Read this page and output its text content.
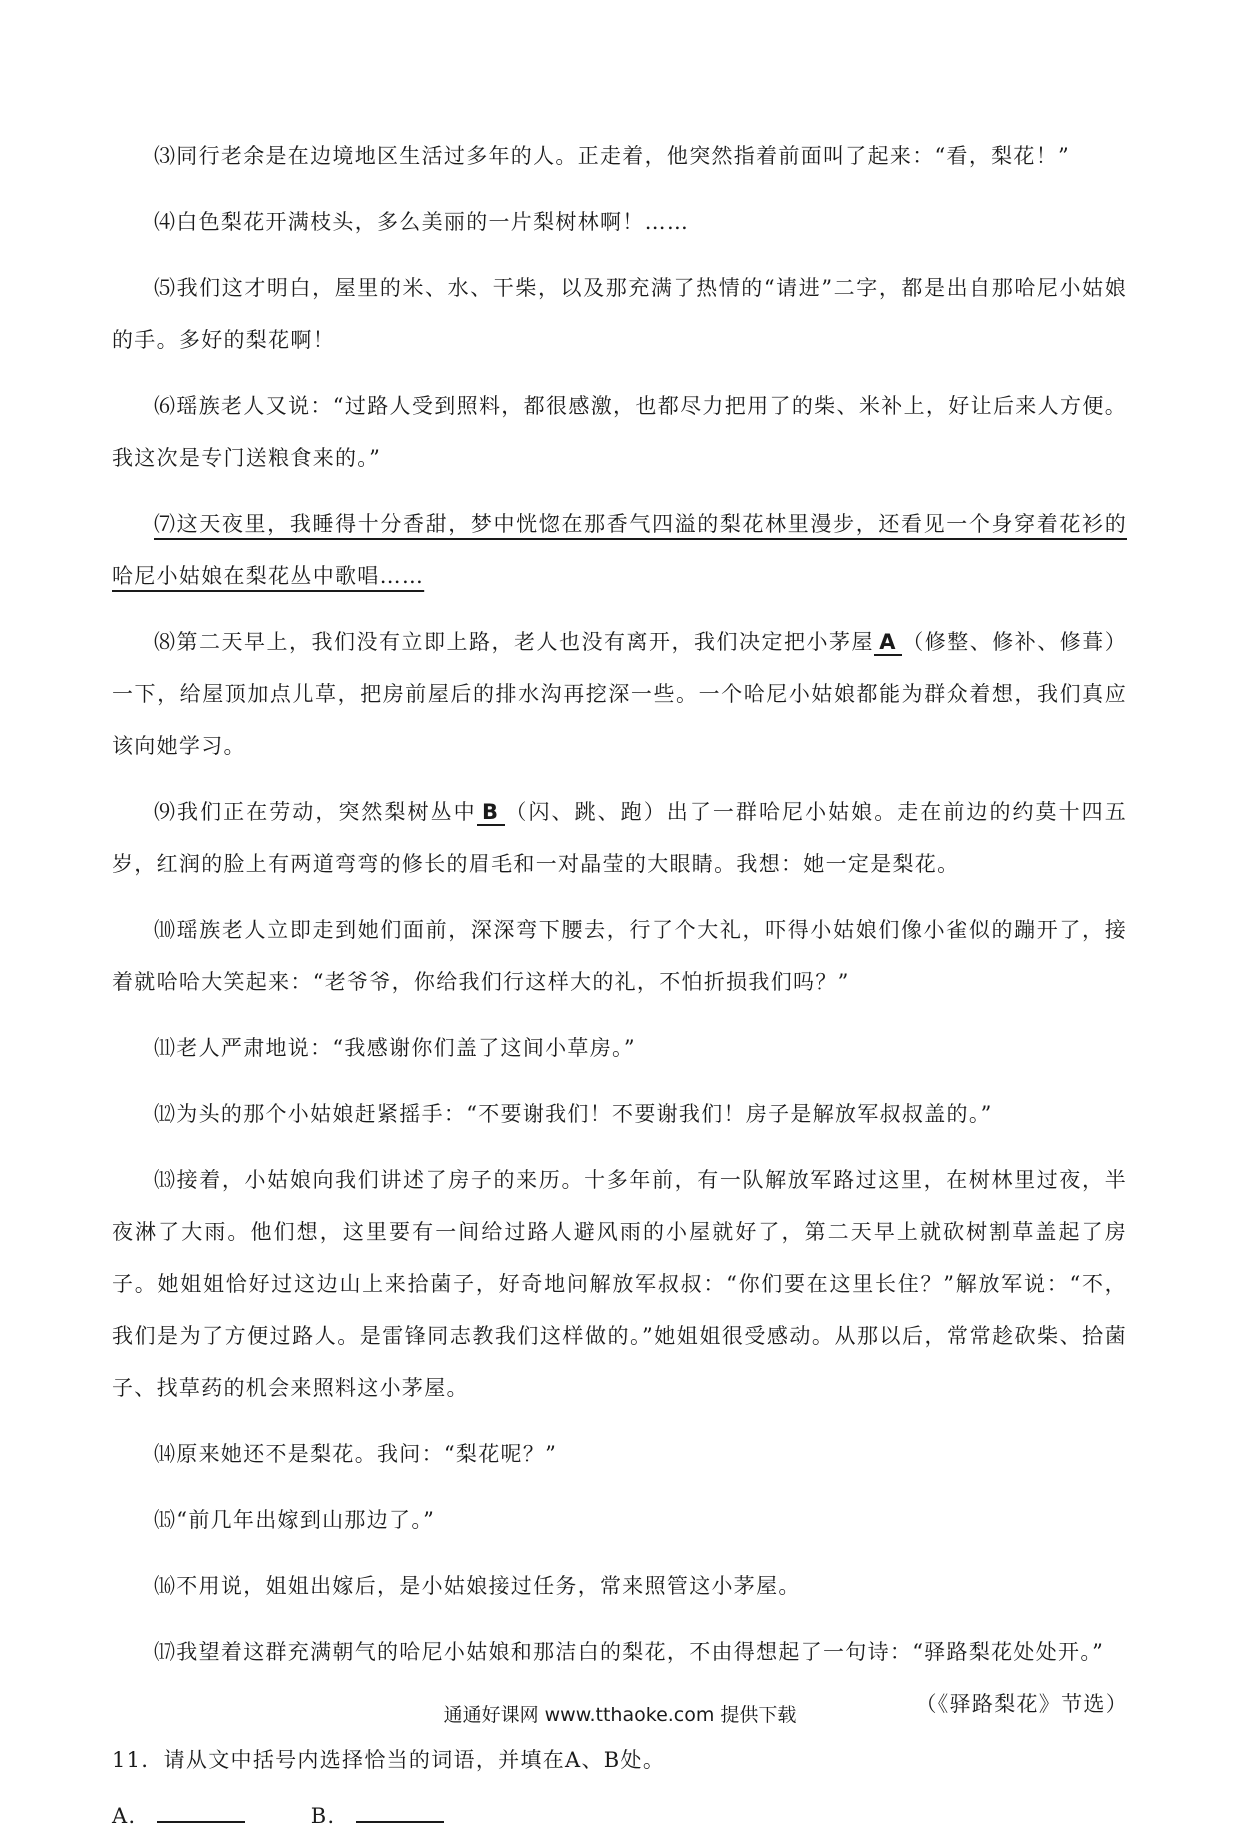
⑶同行老余是在边境地区生活过多年的人。正走着，他突然指着前面叫了起来：“看，梨花！”

⑷白色梨花开满枝头，多么美丽的一片梨树林啊！……

⑸我们这才明白，屋里的米、水、干柴，以及那充满了热情的“请进”二字，都是出自那哈尼小姑娘的手。多好的梨花啊！

⑹瑶族老人又说：“过路人受到照料，都很感激，也都尽力把用了的柴、米补上，好让后来人方便。我这次是专门送粮食来的。”

⑺这天夜里，我睡得十分香甜，梦中恍惚在那香气四溢的梨花林里漫步，还看见一个身穿着花衫的哈尼小姑娘在梨花丛中歌唱……

⑻第二天早上，我们没有立即上路，老人也没有离开，我们决定把小茅屋 A （修整、修补、修葺）一下，给屋顶加点儿草，把房前屋后的排水沟再挖深一些。一个哈尼小姑娘都能为群众着想，我们真应该向她学习。

⑼我们正在劳动，突然梨树丛中 B （闪、跳、跑）出了一群哈尼小姑娘。走在前边的约莫十四五岁，红润的脸上有两道弯弯的修长的眉毛和一对晶莹的大眼睛。我想：她一定是梨花。

⑽瑶族老人立即走到她们面前，深深弯下腰去，行了个大礼，吓得小姑娘们像小雀似的蹦开了，接着就哈哈大笑起来：“老爷爷，你给我们行这样大的礼，不怕折损我们吗？”

⑾老人严肃地说：“我感谢你们盖了这间小草房。”

⑿为头的那个小姑娘赶紧摇手：“不要谢我们！不要谢我们！房子是解放军叔叔盖的。”

⒀接着，小姑娘向我们讲述了房子的来历。十多年前，有一队解放军路过这里，在树林里过夜，半夜淋了大雨。他们想，这里要有一间给过路人避风雨的小屋就好了，第二天早上就砍树割草盖起了房子。她姐姐恰好过这边山上来拾菌子，好奇地问解放军叔叔：“你们要在这里长住？”解放军说：“不，我们是为了方便过路人。是雷锋同志教我们这样做的。”她姐姐很受感动。从那以后，常常趁砍柴、拾菌子、找草药的机会来照料这小茅屋。

⒁原来她还不是梨花。我问：“梨花呢？”

⒂“前几年出嫁到山那边了。”

⒃不用说，姐姐出嫁后，是小姑娘接过任务，常来照管这小茅屋。

⒄我望着这群充满朝气的哈尼小姑娘和那洁白的梨花，不由得想起了一句诗：“驿路梨花处处开。”

（《驿路梨花》节选）

11．请从文中括号内选择恰当的词语，并填在A、B处。

A．	B．
通通好课网 www.tthaoke.com 提供下载
